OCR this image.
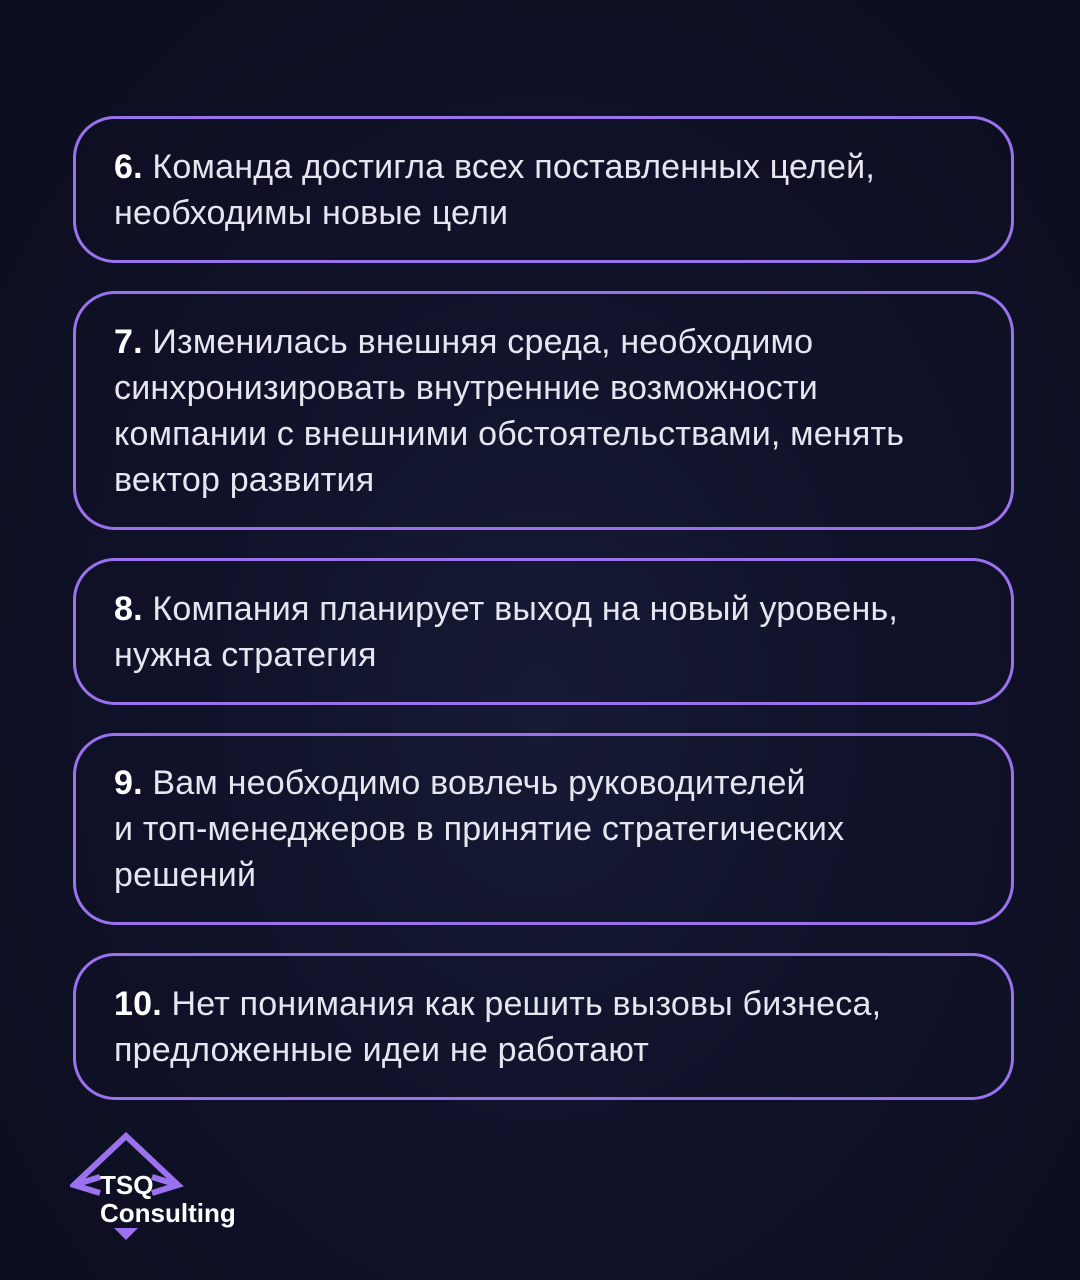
6. Команда достигла всех поставленных целей,
необходимы новые цели

7. Изменилась внешняя среда, необходимо
синхронизировать внутренние возможности
компании с внешними обстоятельствами, менять
вектор развития

8. Компания планирует выход на новый уровень,
нужна стратегия

9. Вам необходимо вовлечь руководителей
и топ-менеджеров в принятие стратегических
решений

10. Нет понимания как решить вызовы бизнеса,
предложенные идеи не работают

TSQ
Consulting
